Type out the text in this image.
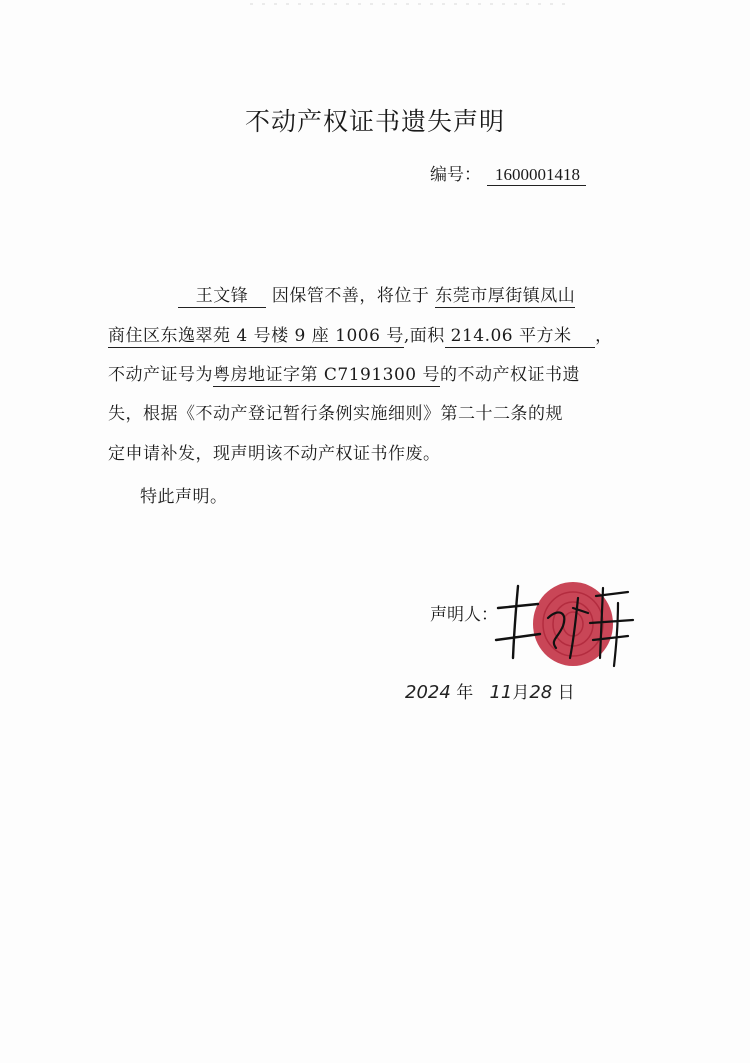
不动产权证书遗失声明
编号： 1600001418
王文锋 因保管不善，将位于 东莞市厚街镇凤山
商住区东逸翠苑 4 号楼 9 座 1006 号,面积 214.06 平方米 ，
不动产证号为粤房地证字第 C7191300 号的不动产权证书遗
失，根据《不动产登记暂行条例实施细则》第二十二条的规
定申请补发，现声明该不动产权证书作废。
特此声明。
声明人：
2024 年 11月28 日
